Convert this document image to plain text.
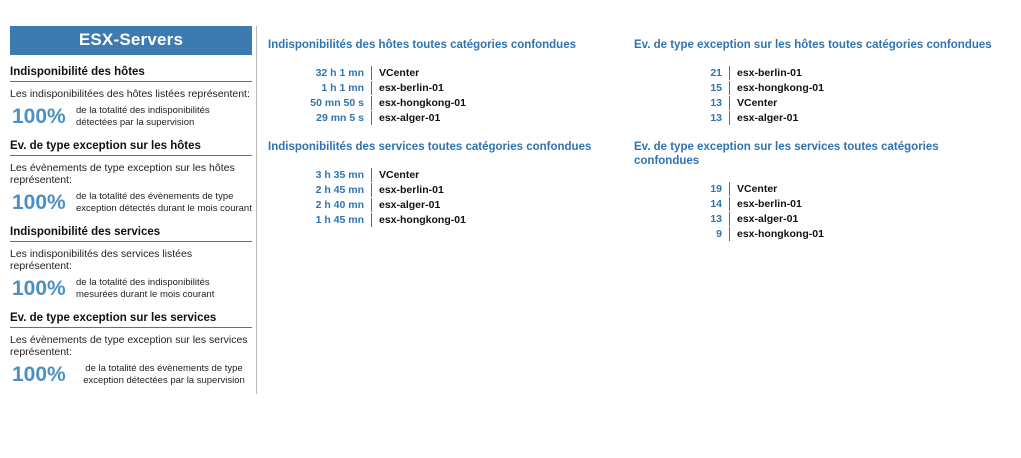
ESX-Servers
Indisponibilité des hôtes
Les indisponibilitées des hôtes listées représentent:
100%	de la totalité des indisponibilités détectées par la supervision
Ev. de type exception sur les hôtes
Les évènements de type exception sur les hôtes représentent:
100%	de la totalité des évènements de type exception détectés durant le mois courant
Indisponibilité des services
Les indisponibilités des services listées représentent:
100%	de la totalité des indisponibilités mesurées durant le mois courant
Ev. de type exception sur les services
Les évènements de type exception sur les services représentent:
100%	de la totalité des évènements de type exception détectées par la supervision
Indisponibilités des hôtes toutes catégories confondues
32 h 1 mn	VCenter
1 h 1 mn	esx-berlin-01
50 mn 50 s	esx-hongkong-01
29 mn 5 s	esx-alger-01
Ev. de type exception sur les hôtes toutes catégories confondues
21	esx-berlin-01
15	esx-hongkong-01
13	VCenter
13	esx-alger-01
Indisponibilités des services toutes catégories confondues
3 h 35 mn	VCenter
2 h 45 mn	esx-berlin-01
2 h 40 mn	esx-alger-01
1 h 45 mn	esx-hongkong-01
Ev. de type exception sur les services toutes catégories confondues
19	VCenter
14	esx-berlin-01
13	esx-alger-01
9	esx-hongkong-01
